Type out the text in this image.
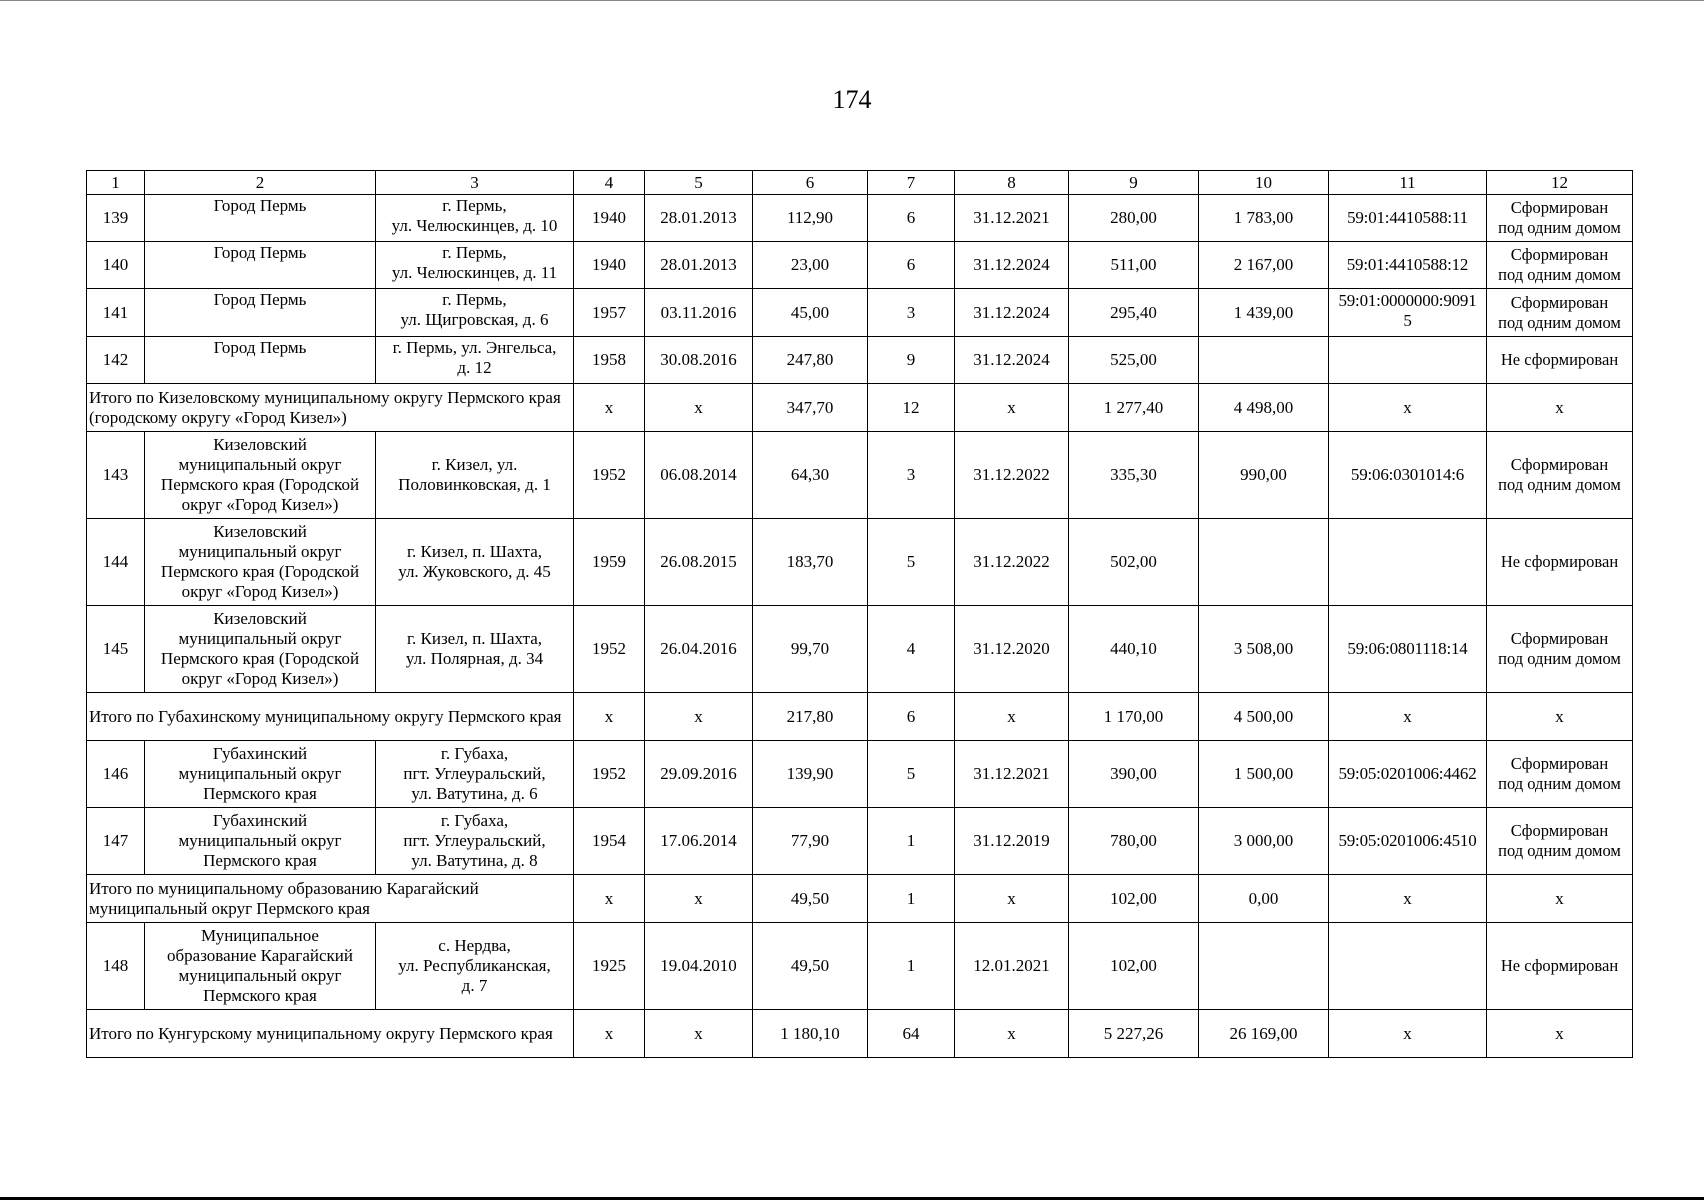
174
1	2	3	4	5	6	7	8	9	10	11	12
139	Город Пермь	г. Пермь,
ул. Челюскинцев, д. 10	1940	28.01.2013	112,90	6	31.12.2021	280,00	1 783,00	59:01:4410588:11	Сформирован
под одним домом
140	Город Пермь	г. Пермь,
ул. Челюскинцев, д. 11	1940	28.01.2013	23,00	6	31.12.2024	511,00	2 167,00	59:01:4410588:12	Сформирован
под одним домом
141	Город Пермь	г. Пермь,
ул. Щигровская, д. 6	1957	03.11.2016	45,00	3	31.12.2024	295,40	1 439,00	59:01:0000000:9091
5	Сформирован
под одним домом
142	Город Пермь	г. Пермь, ул. Энгельса,
д. 12	1958	30.08.2016	247,80	9	31.12.2024	525,00			Не сформирован
Итого по Кизеловскому муниципальному округу Пермского края (городскому округу «Город Кизел»)			х	х	347,70	12	х	1 277,40	4 498,00	х	х
143	Кизеловский
муниципальный округ
Пермского края (Городской
округ «Город Кизел»)	г. Кизел, ул.
Половинковская, д. 1	1952	06.08.2014	64,30	3	31.12.2022	335,30	990,00	59:06:0301014:6	Сформирован
под одним домом
144	Кизеловский
муниципальный округ
Пермского края (Городской
округ «Город Кизел»)	г. Кизел, п. Шахта,
ул. Жуковского, д. 45	1959	26.08.2015	183,70	5	31.12.2022	502,00			Не сформирован
145	Кизеловский
муниципальный округ
Пермского края (Городской
округ «Город Кизел»)	г. Кизел, п. Шахта,
ул. Полярная, д. 34	1952	26.04.2016	99,70	4	31.12.2020	440,10	3 508,00	59:06:0801118:14	Сформирован
под одним домом
Итого по Губахинскому муниципальному округу Пермского края			х	х	217,80	6	х	1 170,00	4 500,00	х	х
146	Губахинский
муниципальный округ
Пермского края	г. Губаха,
пгт. Углеуральский,
ул. Ватутина, д. 6	1952	29.09.2016	139,90	5	31.12.2021	390,00	1 500,00	59:05:0201006:4462	Сформирован
под одним домом
147	Губахинский
муниципальный округ
Пермского края	г. Губаха,
пгт. Углеуральский,
ул. Ватутина, д. 8	1954	17.06.2014	77,90	1	31.12.2019	780,00	3 000,00	59:05:0201006:4510	Сформирован
под одним домом
Итого по муниципальному образованию Карагайский муниципальный округ Пермского края			х	х	49,50	1	х	102,00	0,00	х	х
148	Муниципальное
образование Карагайский
муниципальный округ
Пермского края	с. Нердва,
ул. Республиканская,
д. 7	1925	19.04.2010	49,50	1	12.01.2021	102,00			Не сформирован
Итого по Кунгурскому муниципальному округу Пермского края			х	х	1 180,10	64	х	5 227,26	26 169,00	х	х
